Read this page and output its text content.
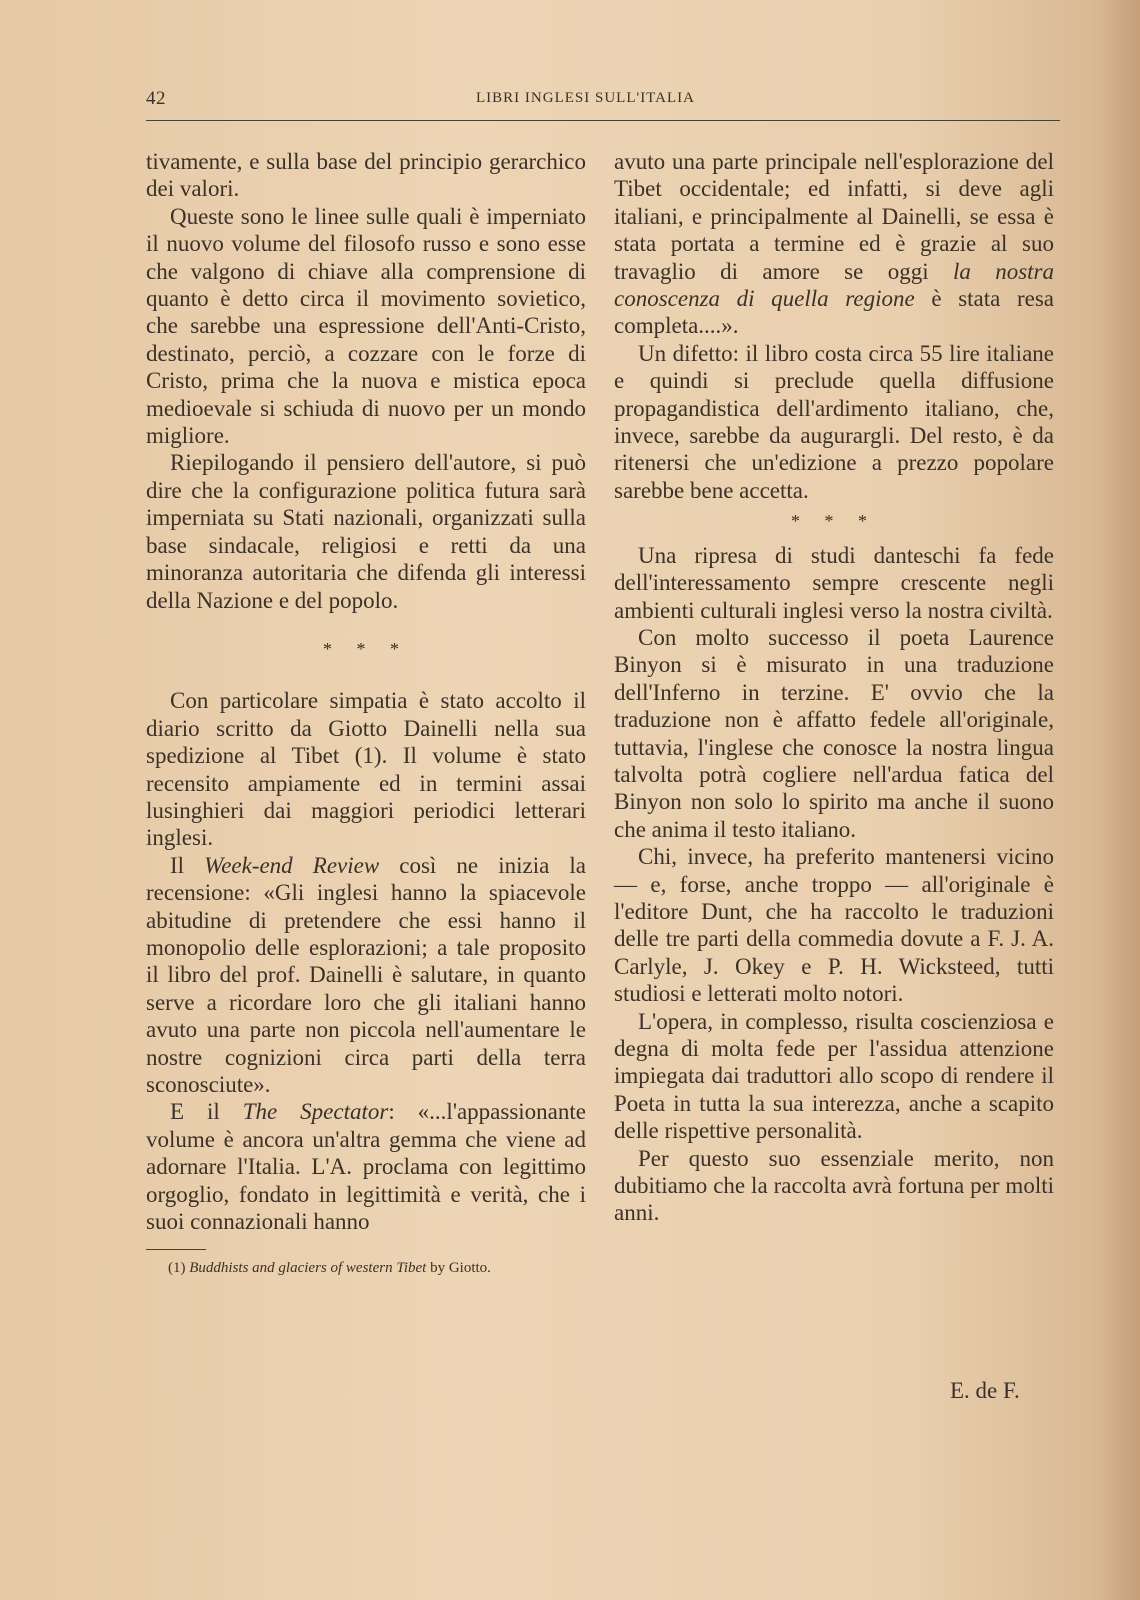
42	LIBRI INGLESI SULL'ITALIA

tivamente, e sulla base del principio gerarchico dei valori.

Queste sono le linee sulle quali è imperniato il nuovo volume del filosofo russo e sono esse che valgono di chiave alla comprensione di quanto è detto circa il movimento sovietico, che sarebbe una espressione dell'Anti-Cristo, destinato, perciò, a cozzare con le forze di Cristo, prima che la nuova e mistica epoca medioevale si schiuda di nuovo per un mondo migliore.

Riepilogando il pensiero dell'autore, si può dire che la configurazione politica futura sarà imperniata su Stati nazionali, organizzati sulla base sindacale, religiosi e retti da una minoranza autoritaria che difenda gli interessi della Nazione e del popolo.

* * *

Con particolare simpatia è stato accolto il diario scritto da Giotto Dainelli nella sua spedizione al Tibet (1). Il volume è stato recensito ampiamente ed in termini assai lusinghieri dai maggiori periodici letterari inglesi.

Il Week-end Review così ne inizia la recensione: «Gli inglesi hanno la spiacevole abitudine di pretendere che essi hanno il monopolio delle esplorazioni; a tale proposito il libro del prof. Dainelli è salutare, in quanto serve a ricordare loro che gli italiani hanno avuto una parte non piccola nell'aumentare le nostre cognizioni circa parti della terra sconosciute».

E il The Spectator: «...l'appassionante volume è ancora un'altra gemma che viene ad adornare l'Italia. L'A. proclama con legittimo orgoglio, fondato in legittimità e verità, che i suoi connazionali hanno

(1) Buddhists and glaciers of western Tibet by Giotto.

avuto una parte principale nell'esplorazione del Tibet occidentale; ed infatti, si deve agli italiani, e principalmente al Dainelli, se essa è stata portata a termine ed è grazie al suo travaglio di amore se oggi la nostra conoscenza di quella regione è stata resa completa....».

Un difetto: il libro costa circa 55 lire italiane e quindi si preclude quella diffusione propagandistica dell'ardimento italiano, che, invece, sarebbe da augurargli. Del resto, è da ritenersi che un'edizione a prezzo popolare sarebbe bene accetta.

* * *

Una ripresa di studi danteschi fa fede dell'interessamento sempre crescente negli ambienti culturali inglesi verso la nostra civiltà.

Con molto successo il poeta Laurence Binyon si è misurato in una traduzione dell'Inferno in terzine. E' ovvio che la traduzione non è affatto fedele all'originale, tuttavia, l'inglese che conosce la nostra lingua talvolta potrà cogliere nell'ardua fatica del Binyon non solo lo spirito ma anche il suono che anima il testo italiano.

Chi, invece, ha preferito mantenersi vicino — e, forse, anche troppo — all'originale è l'editore Dunt, che ha raccolto le traduzioni delle tre parti della commedia dovute a F. J. A. Carlyle, J. Okey e P. H. Wicksteed, tutti studiosi e letterati molto notori.

L'opera, in complesso, risulta coscienziosa e degna di molta fede per l'assidua attenzione impiegata dai traduttori allo scopo di rendere il Poeta in tutta la sua interezza, anche a scapito delle rispettive personalità.

Per questo suo essenziale merito, non dubitiamo che la raccolta avrà fortuna per molti anni.

E. de F.
